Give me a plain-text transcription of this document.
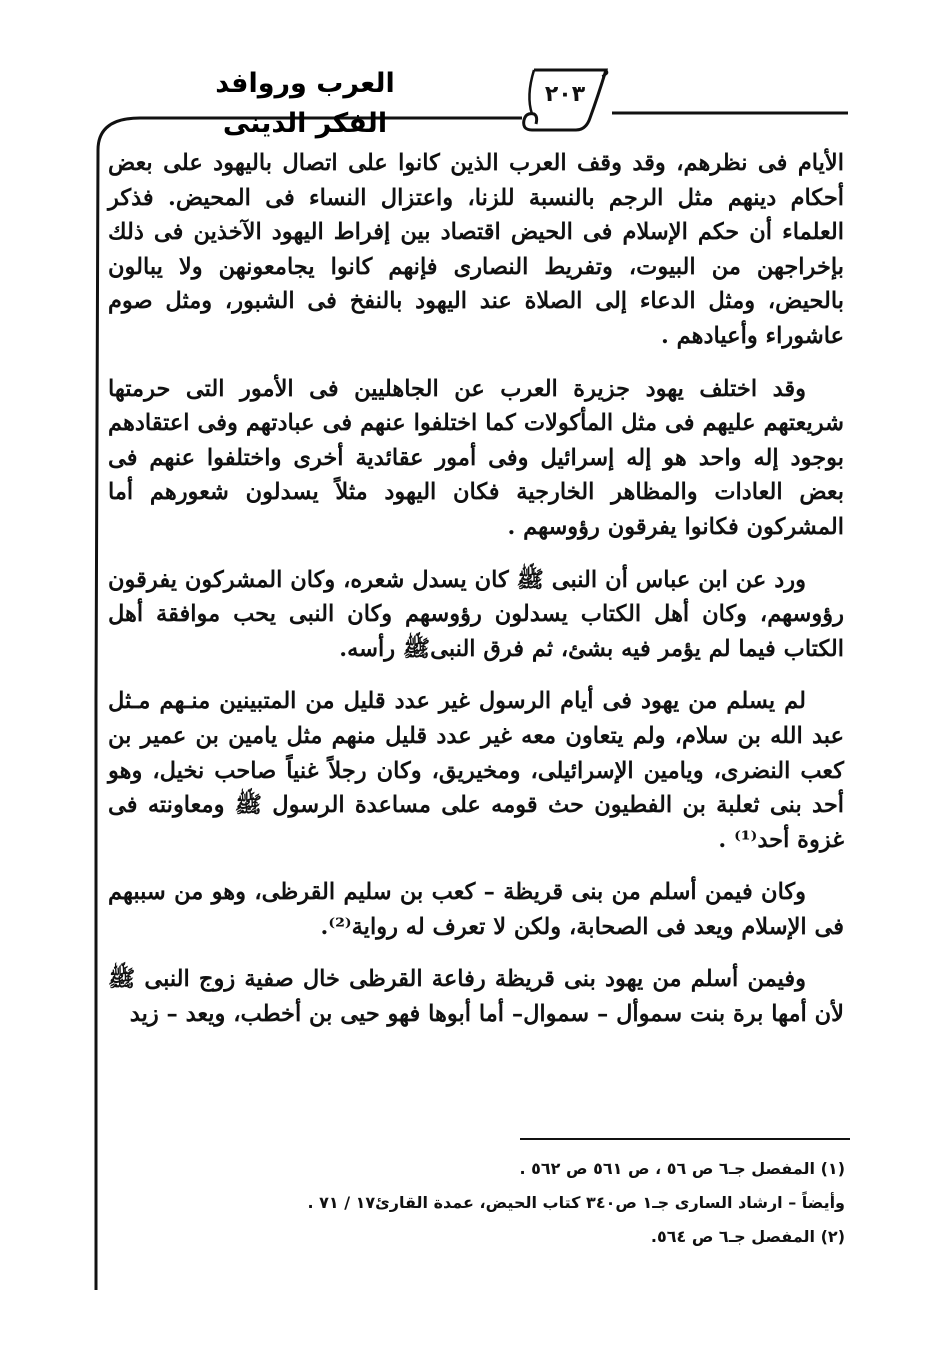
العرب وروافد الفكر الدينى
٢٠٣

الأيام فى نظرهم، وقد وقف العرب الذين كانوا على اتصال باليهود على بعض أحكام دينهم مثل الرجم بالنسبة للزنا، واعتزال النساء فى المحيض. فذكر العلماء أن حكم الإسلام فى الحيض اقتصاد بين إفراط اليهود الآخذين فى ذلك بإخراجهن من البيوت، وتفريط النصارى فإنهم كانوا يجامعونهن ولا يبالون بالحيض، ومثل الدعاء إلى الصلاة عند اليهود بالنفخ فى الشبور، ومثل صوم عاشوراء وأعيادهم .

وقد اختلف يهود جزيرة العرب عن الجاهليين فى الأمور التى حرمتها شريعتهم عليهم فى مثل المأكولات كما اختلفوا عنهم فى عبادتهم وفى اعتقادهم بوجود إله واحد هو إله إسرائيل وفى أمور عقائدية أخرى واختلفوا عنهم فى بعض العادات والمظاهر الخارجية فكان اليهود مثلاً يسدلون شعورهم أما المشركون فكانوا يفرقون رؤوسهم .

ورد عن ابن عباس أن النبى ﷺ كان يسدل شعره، وكان المشركون يفرقون رؤوسهم، وكان أهل الكتاب يسدلون رؤوسهم وكان النبى يحب موافقة أهل الكتاب فيما لم يؤمر فيه بشئ، ثم فرق النبىﷺ رأسه.

لم يسلم من يهود فى أيام الرسول غير عدد قليل من المتبينين منـهم مـثل عبد الله بن سلام، ولم يتعاون معه غير عدد قليل منهم مثل يامين بن عمير بن كعب النضرى، ويامين الإسرائيلى، ومخيريق، وكان رجلاً غنياً صاحب نخيل، وهو أحد بنى ثعلبة بن الفطيون حث قومه على مساعدة الرسول ﷺ ومعاونته فى غزوة أحد⁽¹⁾ .

وكان فيمن أسلم من بنى قريظة – كعب بن سليم القرظى، وهو من سببهم فى الإسلام ويعد فى الصحابة، ولكن لا تعرف له رواية⁽²⁾.

وفيمن أسلم من يهود بنى قريظة رفاعة القرظى خال صفية زوج النبى ﷺ لأن أمها برة بنت سموأل – سموال– أما أبوها فهو حيى بن أخطب، ويعد – زيد

(١) المفصل جـ٦ ص ٥٦ ، ص ٥٦١ ص ٥٦٢ .
وأيضاً – ارشاد السارى جـ١ ص٣٤٠ كتاب الحيض، عمدة القارئ١٧ / ٧١ .
(٢) المفصل جـ٦ ص ٥٦٤.
